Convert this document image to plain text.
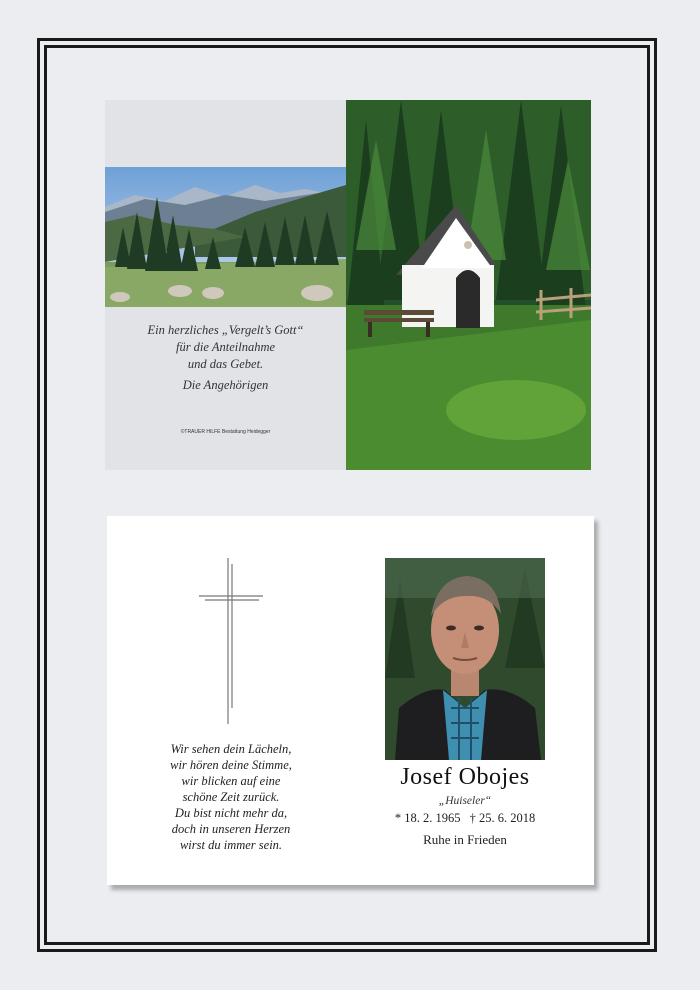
Ein herzliches „Vergelt’s Gott“
für die Anteilnahme
und das Gebet.
Die Angehörigen
©TRAUER HILFE Bestattung Heidegger
Wir sehen dein Lächeln,
wir hören deine Stimme,
wir blicken auf eine
schöne Zeit zurück.
Du bist nicht mehr da,
doch in unseren Herzen
wirst du immer sein.
Josef Obojes
„Huiseler“
* 18. 2. 1965 † 25. 6. 2018
Ruhe in Frieden
